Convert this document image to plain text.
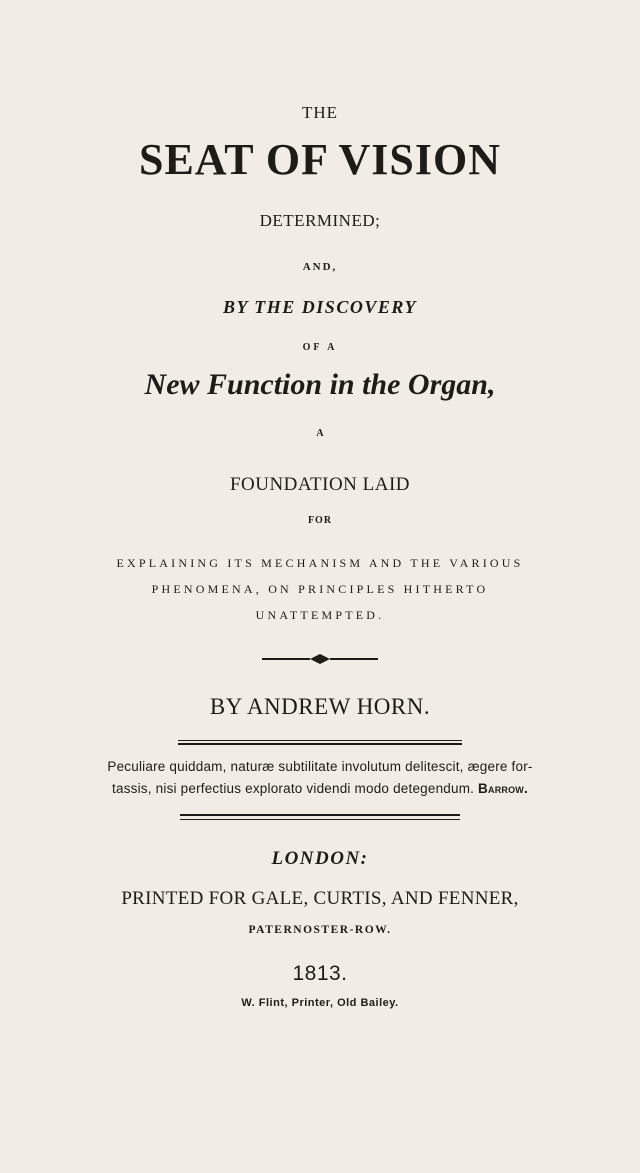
THE
SEAT OF VISION
DETERMINED;
AND,
BY THE DISCOVERY
OF A
New Function in the Organ,
A
FOUNDATION LAID
FOR
EXPLAINING ITS MECHANISM AND THE VARIOUS
PHENOMENA, ON PRINCIPLES HITHERTO
UNATTEMPTED.
BY ANDREW HORN.
Peculiare quiddam, naturæ subtilitate involutum delitescit, ægere for-
tassis, nisi perfectius explorato videndi modo detegendum. Barrow.
LONDON:
PRINTED FOR GALE, CURTIS, AND FENNER,
PATERNOSTER-ROW.
1813.
W. Flint, Printer, Old Bailey.
